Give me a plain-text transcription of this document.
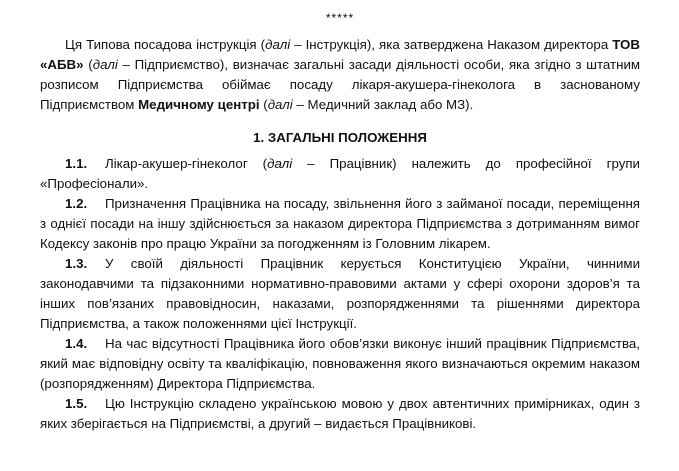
*****

Ця Типова посадова інструкція (далі – Інструкція), яка затверджена Наказом директора ТОВ «АБВ» (далі – Підприємство), визначає загальні засади діяльності особи, яка згідно з штатним розписом Підприємства обіймає посаду лікаря-акушера-гінеколога в заснованому Підприємством Медичному центрі (далі – Медичний заклад або МЗ).

1. ЗАГАЛЬНІ ПОЛОЖЕННЯ

1.1. Лікар-акушер-гінеколог (далі – Працівник) належить до професійної групи «Професіонали».

1.2. Призначення Працівника на посаду, звільнення його з займаної посади, переміщення з однієї посади на іншу здійснюється за наказом директора Підприємства з дотриманням вимог Кодексу законів про працю України за погодженням із Головним лікарем.

1.3. У своїй діяльності Працівник керується Конституцією України, чинними законодавчими та підзаконними нормативно-правовими актами у сфері охорони здоров’я та інших пов’язаних правовідносин, наказами, розпорядженнями та рішеннями директора Підприємства, а також положеннями цієї Інструкції.

1.4. На час відсутності Працівника його обов’язки виконує інший працівник Підприємства, який має відповідну освіту та кваліфікацію, повноваження якого визначаються окремим наказом (розпорядженням) Директора Підприємства.

1.5. Цю Інструкцію складено українською мовою у двох автентичних примірниках, один з яких зберігається на Підприємстві, а другий – видається Працівникові.
